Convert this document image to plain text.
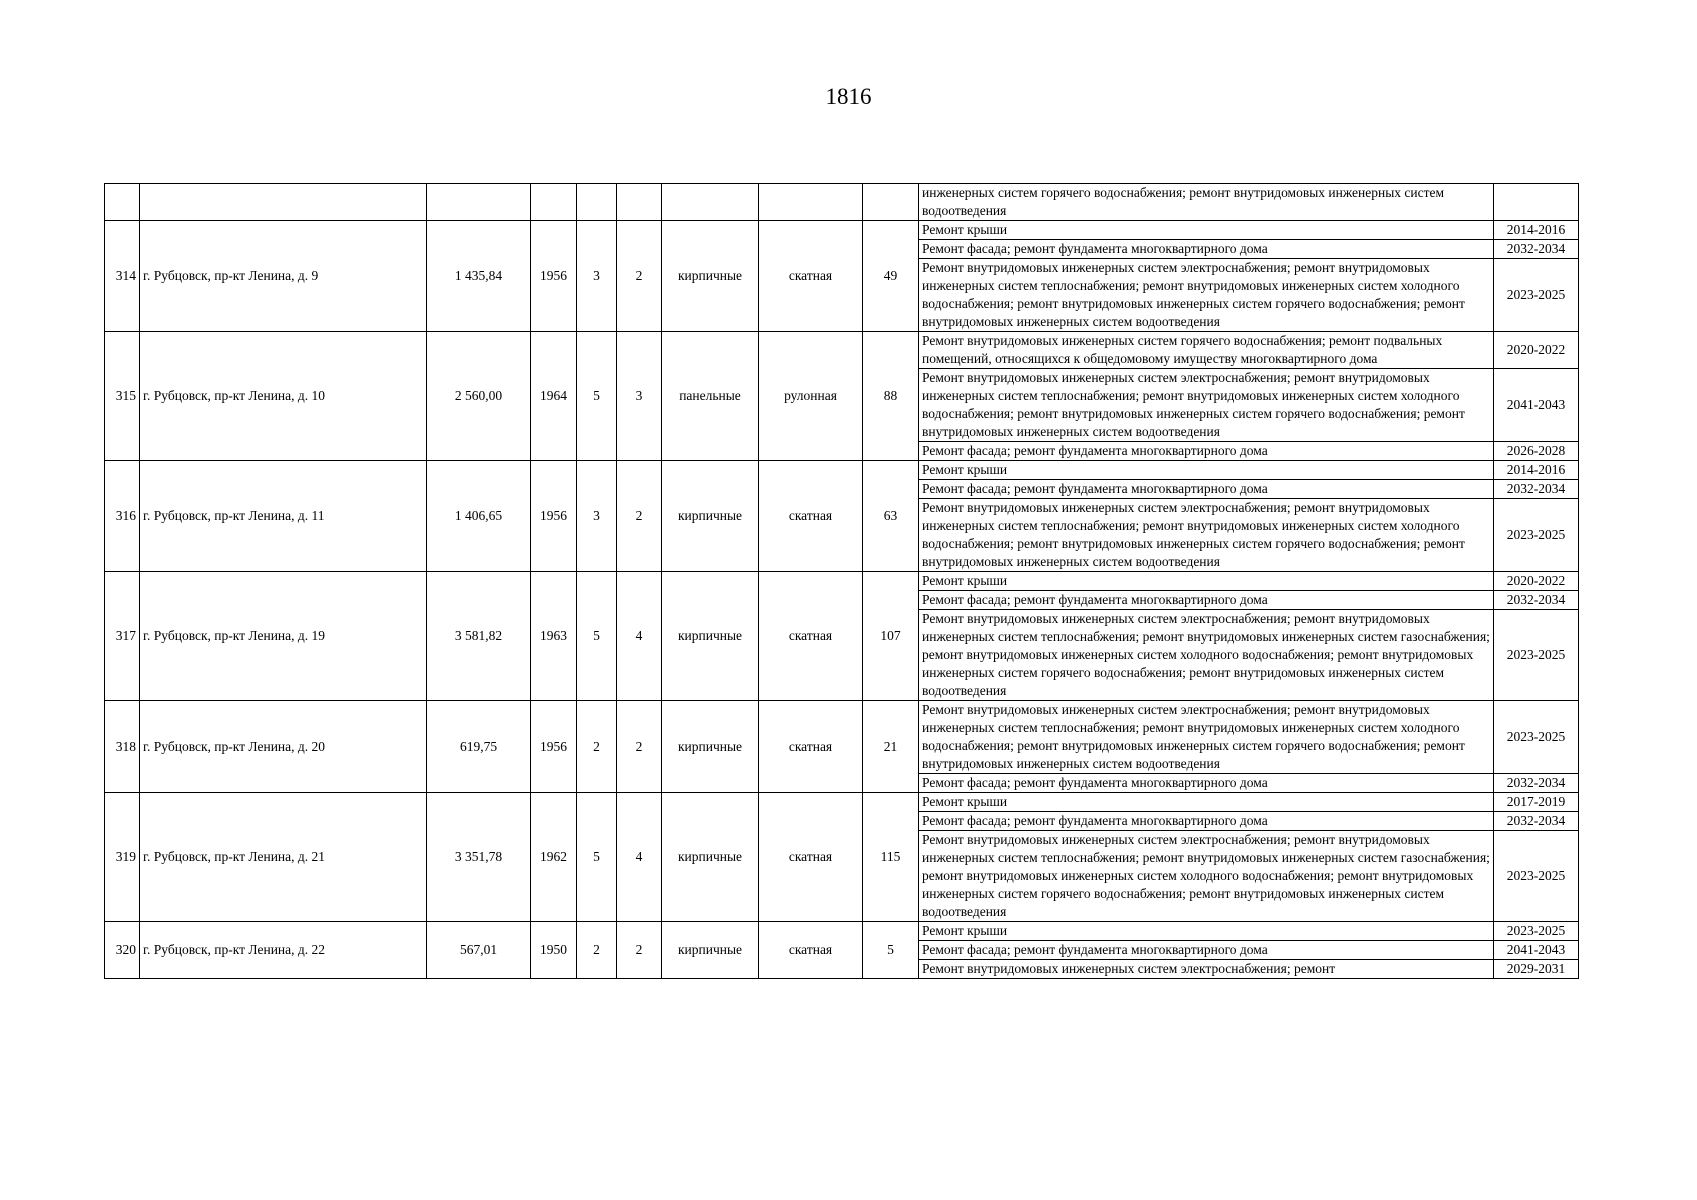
1816
									инженерных систем горячего водоснабжения; ремонт внутридомовых инженерных систем водоотведения	
314	г. Рубцовск, пр-кт Ленина, д. 9	1 435,84	1956	3	2	кирпичные	скатная	49	Ремонт крыши	2014-2016
									Ремонт фасада; ремонт фундамента многоквартирного дома	2032-2034
									Ремонт внутридомовых инженерных систем электроснабжения; ремонт внутридомовых инженерных систем теплоснабжения; ремонт внутридомовых инженерных систем холодного водоснабжения; ремонт внутридомовых инженерных систем горячего водоснабжения; ремонт внутридомовых инженерных систем водоотведения	2023-2025
315	г. Рубцовск, пр-кт Ленина, д. 10	2 560,00	1964	5	3	панельные	рулонная	88	Ремонт внутридомовых инженерных систем горячего водоснабжения; ремонт подвальных помещений, относящихся к общедомовому имуществу многоквартирного дома	2020-2022
									Ремонт внутридомовых инженерных систем электроснабжения; ремонт внутридомовых инженерных систем теплоснабжения; ремонт внутридомовых инженерных систем холодного водоснабжения; ремонт внутридомовых инженерных систем горячего водоснабжения; ремонт внутридомовых инженерных систем водоотведения	2041-2043
									Ремонт фасада; ремонт фундамента многоквартирного дома	2026-2028
316	г. Рубцовск, пр-кт Ленина, д. 11	1 406,65	1956	3	2	кирпичные	скатная	63	Ремонт крыши	2014-2016
									Ремонт фасада; ремонт фундамента многоквартирного дома	2032-2034
									Ремонт внутридомовых инженерных систем электроснабжения; ремонт внутридомовых инженерных систем теплоснабжения; ремонт внутридомовых инженерных систем холодного водоснабжения; ремонт внутридомовых инженерных систем горячего водоснабжения; ремонт внутридомовых инженерных систем водоотведения	2023-2025
317	г. Рубцовск, пр-кт Ленина, д. 19	3 581,82	1963	5	4	кирпичные	скатная	107	Ремонт крыши	2020-2022
									Ремонт фасада; ремонт фундамента многоквартирного дома	2032-2034
									Ремонт внутридомовых инженерных систем электроснабжения; ремонт внутридомовых инженерных систем теплоснабжения; ремонт внутридомовых инженерных систем газоснабжения; ремонт внутридомовых инженерных систем холодного водоснабжения; ремонт внутридомовых инженерных систем горячего водоснабжения; ремонт внутридомовых инженерных систем водоотведения	2023-2025
318	г. Рубцовск, пр-кт Ленина, д. 20	619,75	1956	2	2	кирпичные	скатная	21	Ремонт внутридомовых инженерных систем электроснабжения; ремонт внутридомовых инженерных систем теплоснабжения; ремонт внутридомовых инженерных систем холодного водоснабжения; ремонт внутридомовых инженерных систем горячего водоснабжения; ремонт внутридомовых инженерных систем водоотведения	2023-2025
									Ремонт фасада; ремонт фундамента многоквартирного дома	2032-2034
319	г. Рубцовск, пр-кт Ленина, д. 21	3 351,78	1962	5	4	кирпичные	скатная	115	Ремонт крыши	2017-2019
									Ремонт фасада; ремонт фундамента многоквартирного дома	2032-2034
									Ремонт внутридомовых инженерных систем электроснабжения; ремонт внутридомовых инженерных систем теплоснабжения; ремонт внутридомовых инженерных систем газоснабжения; ремонт внутридомовых инженерных систем холодного водоснабжения; ремонт внутридомовых инженерных систем горячего водоснабжения; ремонт внутридомовых инженерных систем водоотведения	2023-2025
320	г. Рубцовск, пр-кт Ленина, д. 22	567,01	1950	2	2	кирпичные	скатная	5	Ремонт крыши	2023-2025
									Ремонт фасада; ремонт фундамента многоквартирного дома	2041-2043
									Ремонт внутридомовых инженерных систем электроснабжения; ремонт	2029-2031
